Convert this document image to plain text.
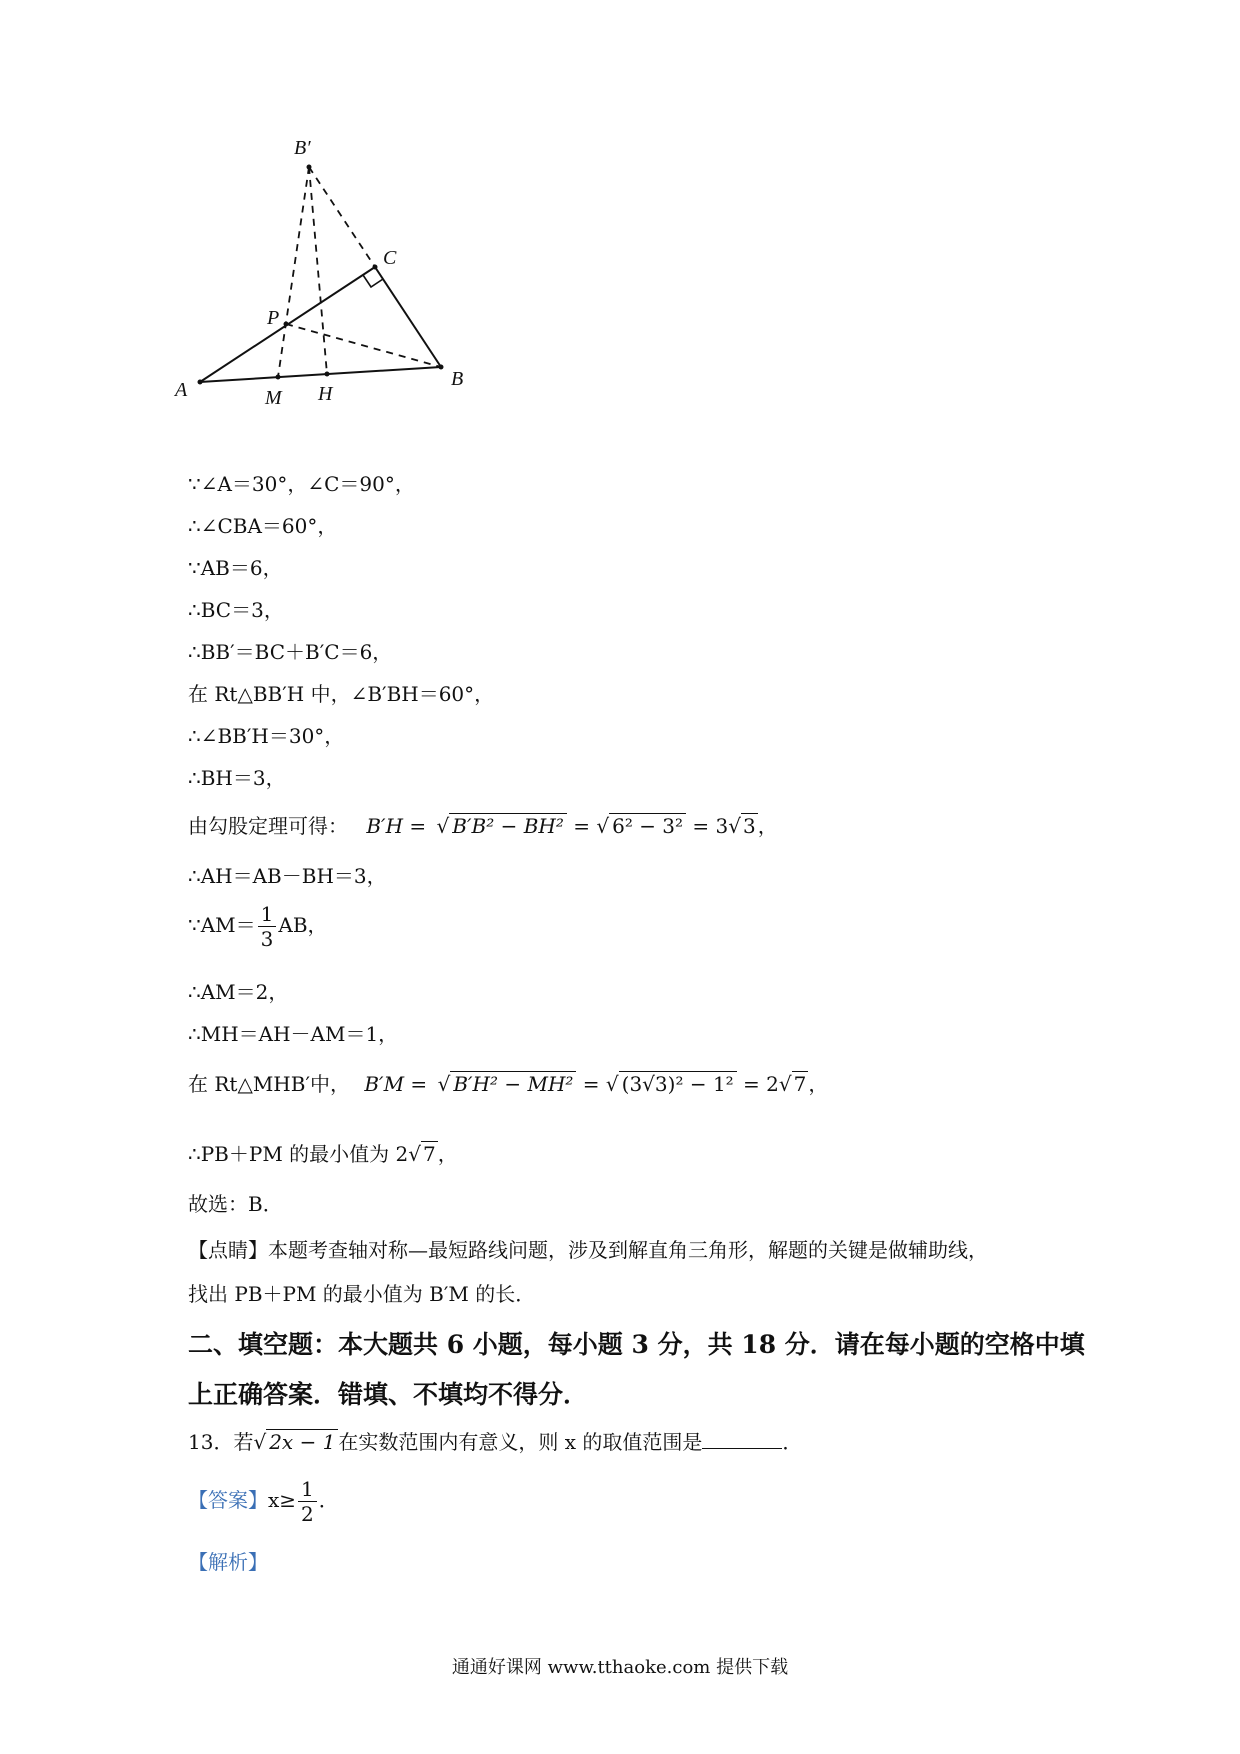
B′
C
P
A	M H
B
∵∠A＝30°，∠C＝90°，
∴∠CBA＝60°，
∵AB＝6，
∴BC＝3，
∴BB′＝BC＋B′C＝6，
在 Rt△BB′H 中，∠B′BH＝60°，
∴∠BB′H＝30°，
∴BH＝3，
由勾股定理可得： B′H = √ B′B² − BH² = √ 6² − 3² = 3√ 3 ，
∴AH＝AB－BH＝3，
∵AM＝ $\frac{1}{3}$ AB，
∴AM＝2，
∴MH＝AH－AM＝1，
在 Rt△MHB′中， B′M = √ B′H² − MH² = √ (3√3)² − 1² = 2√ 7 ，
∴PB＋PM 的最小值为 2√ 7 ，
故选：B．
【点睛】本题考查轴对称—最短路线问题，涉及到解直角三角形，解题的关键是做辅助线，
找出 PB＋PM 的最小值为 B′M 的长．
二、填空题：本大题共 6 小题，每小题 3 分，共 18 分．请在每小题的空格中填
上正确答案．错填、不填均不得分．
13．若√ 2x − 1 在实数范围内有意义，则 x 的取值范围是	．
【答案】$x\ge \frac{1}{2}$ ．
【解析】
通通好课网 www.tthaoke.com 提供下载
